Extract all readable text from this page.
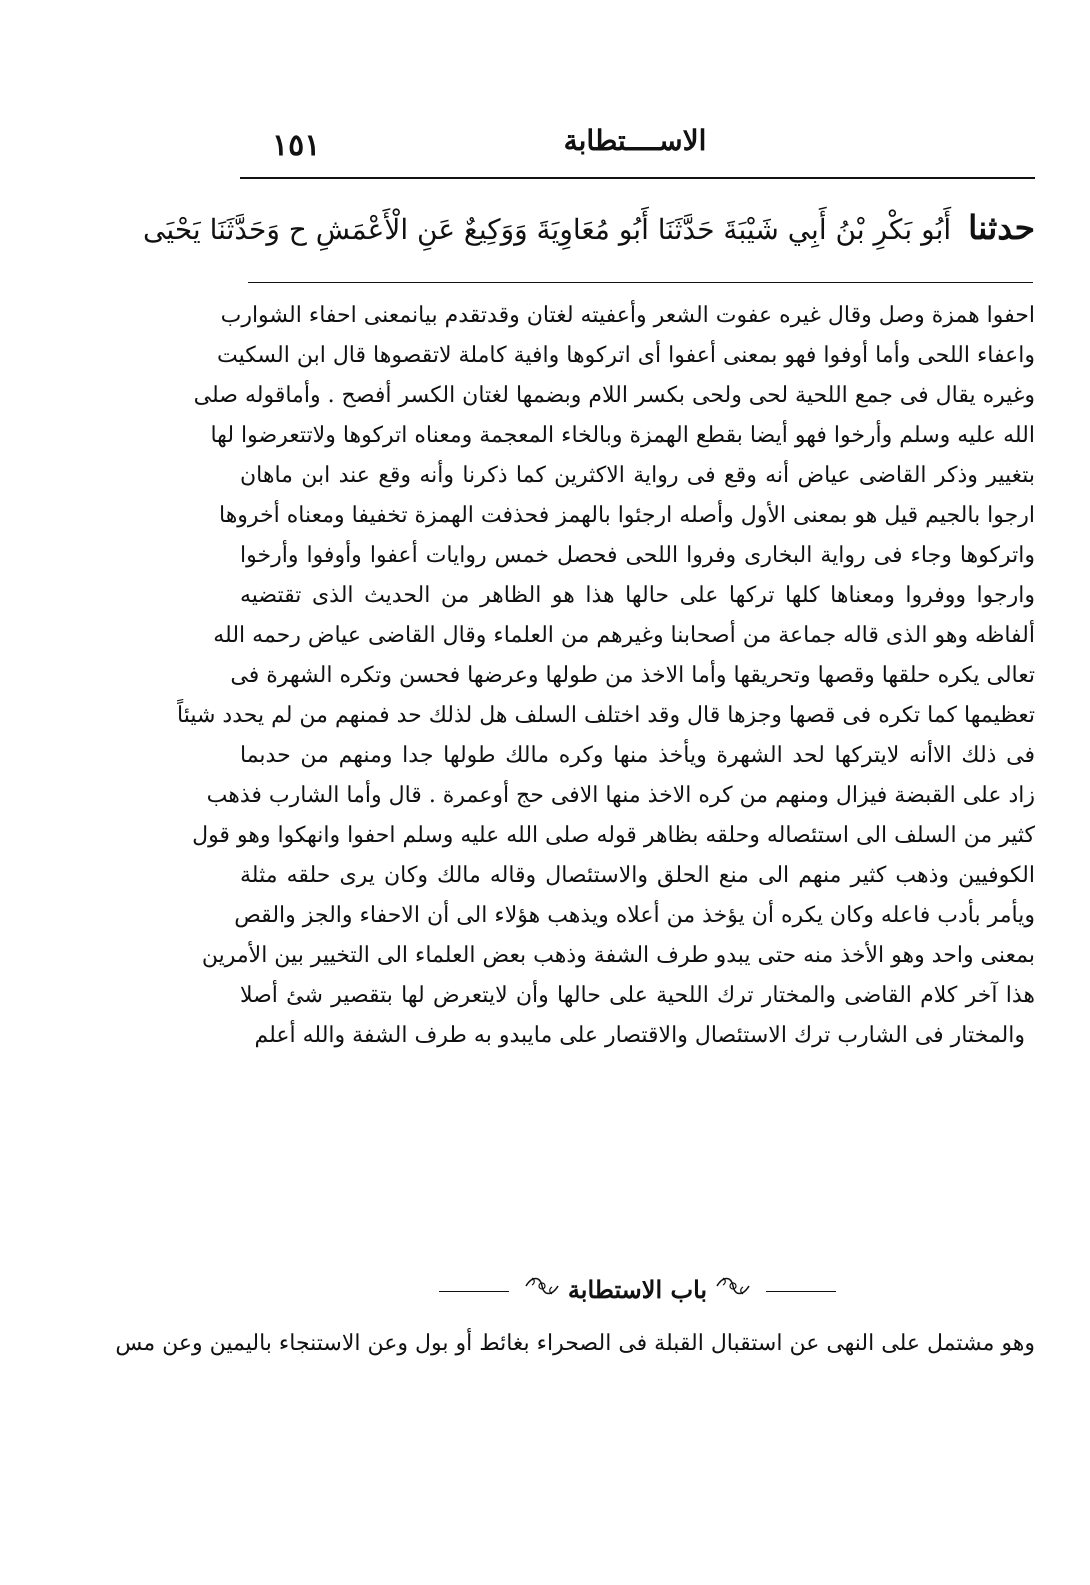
١٥١	الاســــتطابة
حدثنا أَبُو بَكْرِ بْنُ أَبِي شَيْبَةَ حَدَّثَنَا أَبُو مُعَاوِيَةَ وَوَكِيعٌ عَنِ الْأَعْمَشِ ح وَحَدَّثَنَا يَحْيَى

احفوا همزة وصل وقال غيره عفوت الشعر وأعفيته لغتان وقدتقدم بيانمعنى احفاء الشوارب

واعفاء اللحى وأما أوفوا فهو بمعنى أعفوا أى اتركوها وافية كاملة لاتقصوها قال ابن السكيت

وغيره يقال فى جمع اللحية لحى ولحى بكسر اللام وبضمها لغتان الكسر أفصح . وأماقوله صلى

الله عليه وسلم وأرخوا فهو أيضا بقطع الهمزة وبالخاء المعجمة ومعناه اتركوها ولاتتعرضوا لها

بتغيير وذكر القاضى عياض أنه وقع فى رواية الاكثرين كما ذكرنا وأنه وقع عند ابن ماهان

ارجوا بالجيم قيل هو بمعنى الأول وأصله ارجئوا بالهمز فحذفت الهمزة تخفيفا ومعناه أخروها

واتركوها وجاء فى رواية البخارى وفروا اللحى فحصل خمس روايات أعفوا وأوفوا وأرخوا

وارجوا ووفروا ومعناها كلها تركها على حالها هذا هو الظاهر من الحديث الذى تقتضيه

ألفاظه وهو الذى قاله جماعة من أصحابنا وغيرهم من العلماء وقال القاضى عياض رحمه الله

تعالى يكره حلقها وقصها وتحريقها وأما الاخذ من طولها وعرضها فحسن وتكره الشهرة فى

تعظيمها كما تكره فى قصها وجزها قال وقد اختلف السلف هل لذلك حد فمنهم من لم يحدد شيئاً

فى ذلك الاأنه لايتركها لحد الشهرة ويأخذ منها وكره مالك طولها جدا ومنهم من حدبما

زاد على القبضة فيزال ومنهم من كره الاخذ منها الافى حج أوعمرة . قال وأما الشارب فذهب

كثير من السلف الى استئصاله وحلقه بظاهر قوله صلى الله عليه وسلم احفوا وانهكوا وهو قول

الكوفيين وذهب كثير منهم الى منع الحلق والاستئصال وقاله مالك وكان يرى حلقه مثلة

ويأمر بأدب فاعله وكان يكره أن يؤخذ من أعلاه ويذهب هؤلاء الى أن الاحفاء والجز والقص

بمعنى واحد وهو الأخذ منه حتى يبدو طرف الشفة وذهب بعض العلماء الى التخيير بين الأمرين

هذا آخر كلام القاضى والمختار ترك اللحية على حالها وأن لايتعرض لها بتقصير شئ أصلا

والمختار فى الشارب ترك الاستئصال والاقتصار على مايبدو به طرف الشفة والله أعلم

باب الاستطابة
وهو مشتمل على النهى عن استقبال القبلة فى الصحراء بغائط أو بول وعن الاستنجاء باليمين وعن مس
